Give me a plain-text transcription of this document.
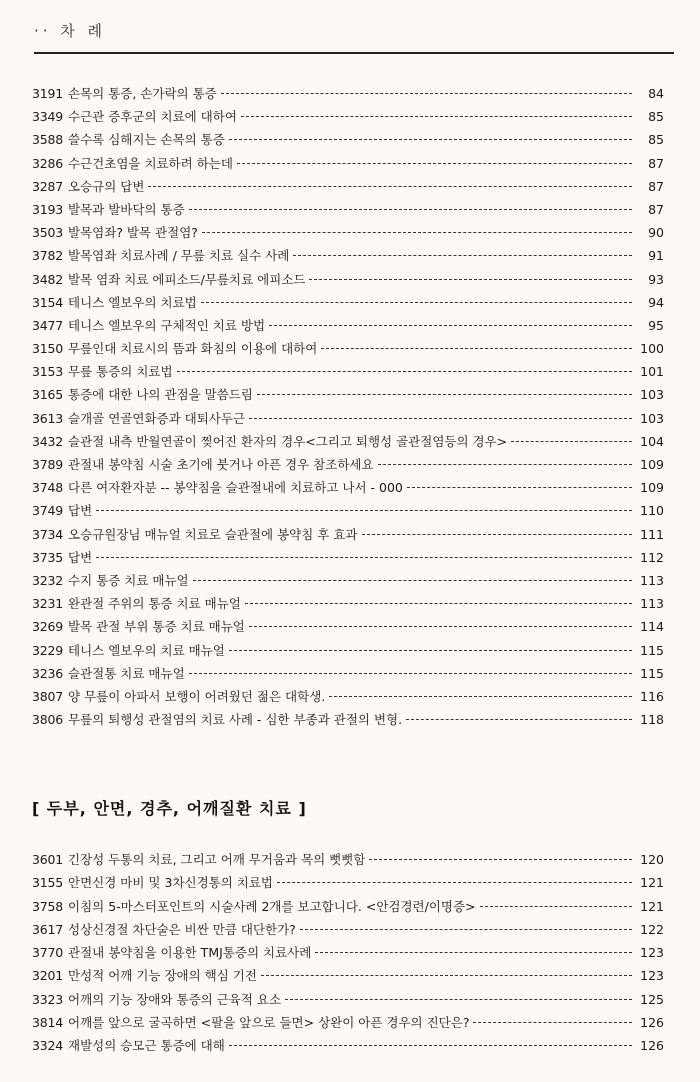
·· 차 례
3191 손목의 통증, 손가락의 통증	84
3349 수근관 증후군의 치료에 대하여	85
3588 쓸수록 심해지는 손목의 통증	85
3286 수근건초염을 치료하려 하는데	87
3287 오승규의 답변	87
3193 발목과 발바닥의 통증	87
3503 발목염좌? 발목 관절염?	90
3782 발목염좌 치료사례 / 무릎 치료 실수 사례	91
3482 발목 염좌 치료 에피소드/무릎치료 에피소드	93
3154 테니스 엘보우의 치료법	94
3477 테니스 엘보우의 구체적인 치료 방법	95
3150 무릎인대 치료시의 뜸과 화침의 이용에 대하여	100
3153 무릎 통증의 치료법	101
3165 통증에 대한 나의 관점을 말씀드림	103
3613 슬개골 연골연화증과 대퇴사두근	103
3432 슬관절 내측 반월연골이 찢어진 환자의 경우<그리고 퇴행성 골관절염등의 경우>	104
3789 관절내 봉약침 시술 초기에 붓거나 아픈 경우 참조하세요	109
3748 다른 여자환자분 -- 봉약침을 슬관절내에 치료하고 나서 - 000	109
3749 답변	110
3734 오승규원장님 매뉴얼 치료로 슬관절에 봉약침 후 효과	111
3735 답변	112
3232 수지 통증 치료 매뉴얼	113
3231 완관절 주위의 통증 치료 매뉴얼	113
3269 발목 관절 부위 통증 치료 매뉴얼	114
3229 테니스 엘보우의 치료 매뉴얼	115
3236 슬관절통 치료 매뉴얼	115
3807 양 무릎이 아파서 보행이 어려웠던 젊은 대학생.	116
3806 무릎의 퇴행성 관절염의 치료 사례 - 심한 부종과 관절의 변형.	118
[ 두부, 안면, 경추, 어깨질환 치료 ]
3601 긴장성 두통의 치료, 그리고 어깨 무거움과 목의 뻣뻣함	120
3155 안면신경 마비 및 3차신경통의 치료법	121
3758 이침의 5-마스터포인트의 시술사례 2개를 보고합니다. <안검경련/이명증>	121
3617 성상신경절 차단술은 비싼 만큼 대단한가?	122
3770 관절내 봉약침을 이용한 TMJ통증의 치료사례	123
3201 만성적 어깨 기능 장애의 핵심 기전	123
3323 어깨의 기능 장애와 통증의 근육적 요소	125
3814 어깨를 앞으로 굴곡하면 <팔을 앞으로 들면> 상완이 아픈 경우의 진단은?	126
3324 재발성의 승모근 통증에 대해	126
